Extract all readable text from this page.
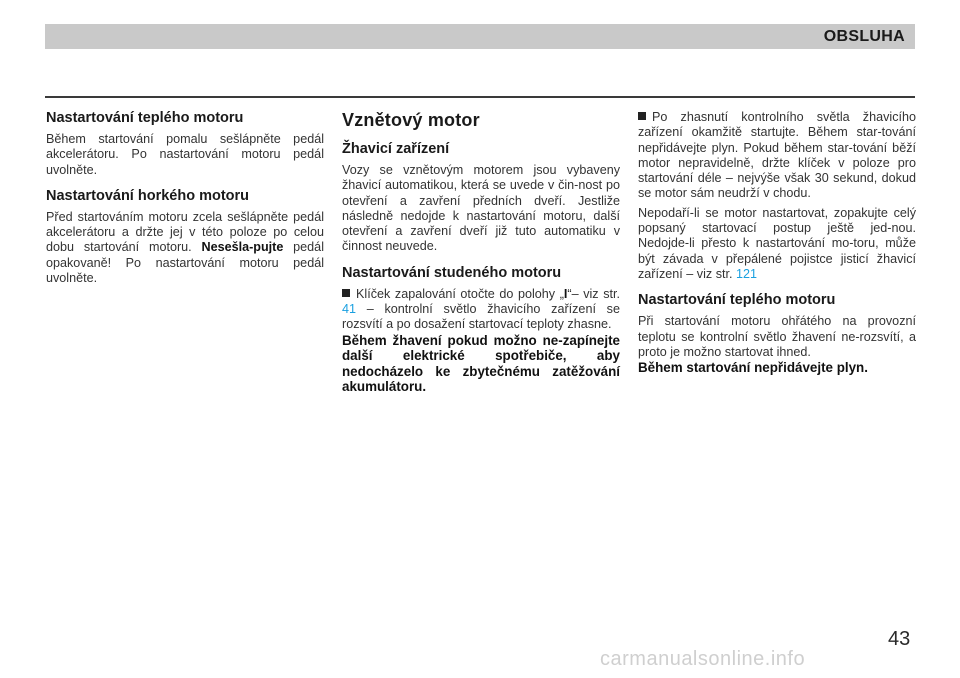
OBSLUHA
Nastartování teplého motoru

Během startování pomalu sešlápněte pedál akcelerátoru. Po nastartování motoru pedál uvolněte.

Nastartování horkého motoru

Před startováním motoru zcela sešlápněte pedál akcelerátoru a držte jej v této poloze po celou dobu startování motoru. Nesešla-pujte pedál opakovaně! Po nastartování motoru pedál uvolněte.

Vznětový motor
Žhavicí zařízení

Vozy se vznětovým motorem jsou vybaveny žhavicí automatikou, která se uvede v čin-nost po otevření a zavření předních dveří. Jestliže následně nedojde k nastartování motoru, další otevření a zavření dveří již tuto automatiku v činnost neuvede.

Nastartování studeného motoru

Klíček zapalování otočte do polohy „I“– viz str. 41 – kontrolní světlo žhavicího zařízení se rozsvítí a po dosažení startovací teploty zhasne.

Během žhavení pokud možno ne-zapínejte další elektrické spotřebiče, aby nedocházelo ke zbytečnému zatěžování akumulátoru.

Po zhasnutí kontrolního světla žhavicího zařízení okamžitě startujte. Během star-tování nepřidávejte plyn. Pokud během star-tování běží motor nepravidelně, držte klíček v poloze pro startování déle – nejvýše však 30 sekund, dokud se motor sám neudrží v chodu.

Nepodaří-li se motor nastartovat, zopakujte celý popsaný startovací postup ještě jed-nou. Nedojde-li přesto k nastartování mo-toru, může být závada v přepálené pojistce jisticí žhavicí zařízení – viz str. 121

Nastartování teplého motoru

Při startování motoru ohřátého na provozní teplotu se kontrolní světlo žhavení ne-rozsvítí, a proto je možno startovat ihned.

Během startování nepřidávejte plyn.

43
carmanualsonline.info
